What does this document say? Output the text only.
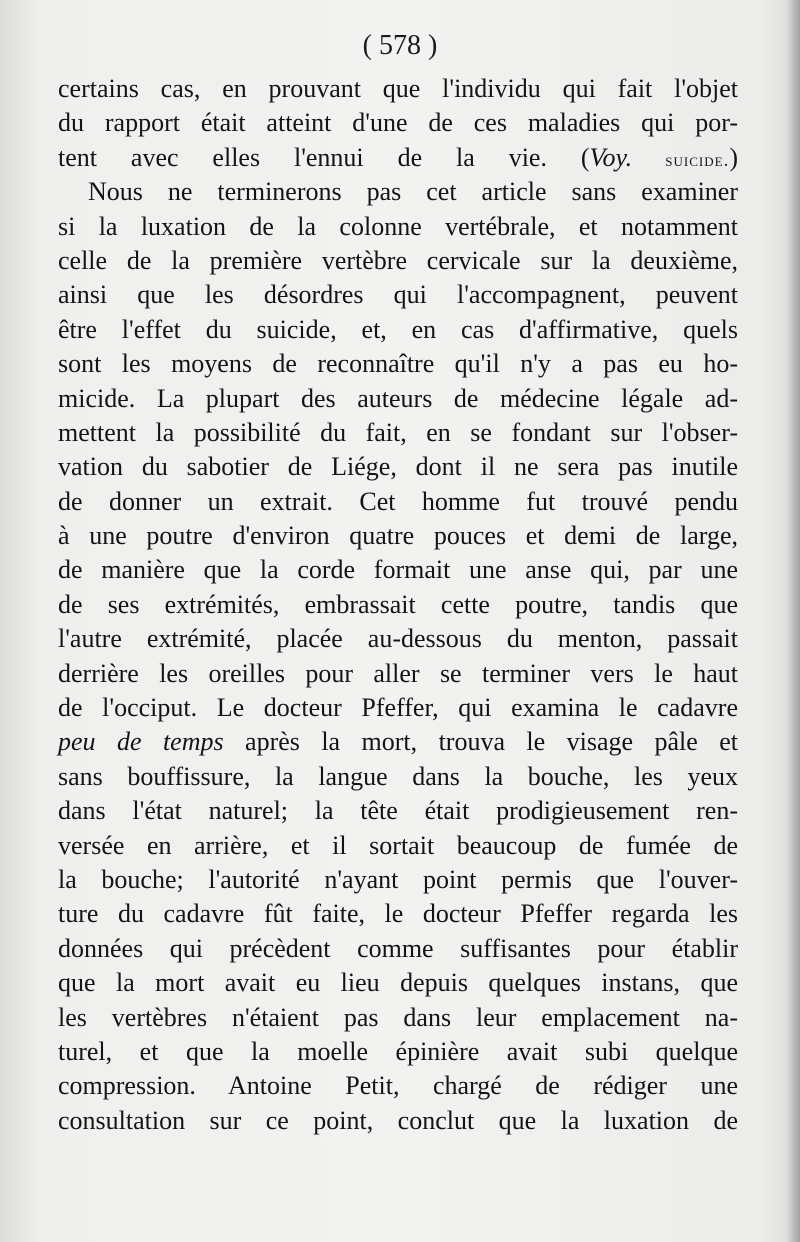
( 578 )
certains cas, en prouvant que l'individu qui fait l'objet
du rapport était atteint d'une de ces maladies qui por-
tent avec elles l'ennui de la vie. (Voy. suicide.)
Nous ne terminerons pas cet article sans examiner
si la luxation de la colonne vertébrale, et notamment
celle de la première vertèbre cervicale sur la deuxième,
ainsi que les désordres qui l'accompagnent, peuvent
être l'effet du suicide, et, en cas d'affirmative, quels
sont les moyens de reconnaître qu'il n'y a pas eu ho-
micide. La plupart des auteurs de médecine légale ad-
mettent la possibilité du fait, en se fondant sur l'obser-
vation du sabotier de Liége, dont il ne sera pas inutile
de donner un extrait. Cet homme fut trouvé pendu
à une poutre d'environ quatre pouces et demi de large,
de manière que la corde formait une anse qui, par une
de ses extrémités, embrassait cette poutre, tandis que
l'autre extrémité, placée au-dessous du menton, passait
derrière les oreilles pour aller se terminer vers le haut
de l'occiput. Le docteur Pfeffer, qui examina le cadavre
peu de temps après la mort, trouva le visage pâle et
sans bouffissure, la langue dans la bouche, les yeux
dans l'état naturel; la tête était prodigieusement ren-
versée en arrière, et il sortait beaucoup de fumée de
la bouche; l'autorité n'ayant point permis que l'ouver-
ture du cadavre fût faite, le docteur Pfeffer regarda les
données qui précèdent comme suffisantes pour établir
que la mort avait eu lieu depuis quelques instans, que
les vertèbres n'étaient pas dans leur emplacement na-
turel, et que la moelle épinière avait subi quelque
compression. Antoine Petit, chargé de rédiger une
consultation sur ce point, conclut que la luxation de
